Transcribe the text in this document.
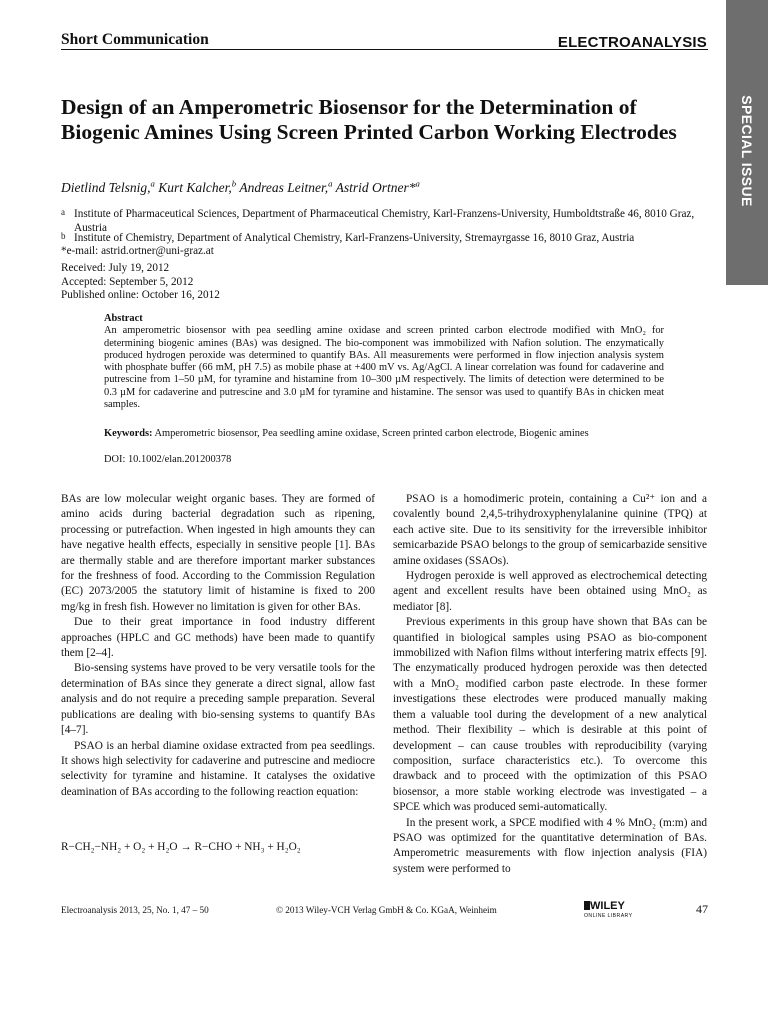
Short Communication	ELECTROANALYSIS
SPECIAL ISSUE
Design of an Amperometric Biosensor for the Determination of Biogenic Amines Using Screen Printed Carbon Working Electrodes
Dietlind Telsnig,$^a$ Kurt Kalcher,$^b$ Andreas Leitner,$^a$ Astrid Ortner*$^a$
a Institute of Pharmaceutical Sciences, Department of Pharmaceutical Chemistry, Karl-Franzens-University, Humboldtstraße 46, 8010 Graz, Austria
b Institute of Chemistry, Department of Analytical Chemistry, Karl-Franzens-University, Stremayrgasse 16, 8010 Graz, Austria
*e-mail: astrid.ortner@uni-graz.at
Received: July 19, 2012
Accepted: September 5, 2012
Published online: October 16, 2012
Abstract
An amperometric biosensor with pea seedling amine oxidase and screen printed carbon electrode modified with MnO₂ for determining biogenic amines (BAs) was designed. The bio-component was immobilized with Nafion solution. The enzymatically produced hydrogen peroxide was determined to quantify BAs. All measurements were performed in flow injection analysis system with phosphate buffer (66 mM, pH 7.5) as mobile phase at +400 mV vs. Ag/AgCl. A linear correlation was found for cadaverine and putrescine from 1–50 µM, for tyramine and histamine from 10–300 µM respectively. The limits of detection were determined to be 0.3 µM for cadaverine and putrescine and 3.0 µM for tyramine and histamine. The sensor was used to quantify BAs in chicken meat samples.
Keywords: Amperometric biosensor, Pea seedling amine oxidase, Screen printed carbon electrode, Biogenic amines
DOI: 10.1002/elan.201200378

BAs are low molecular weight organic bases. They are formed of amino acids during bacterial degradation such as ripening, processing or putrefaction. When ingested in high amounts they can have negative health effects, especially in sensitive people [1]. BAs are thermally stable and are therefore important marker substances for the freshness of food. According to the Commission Regulation (EC) 2073/2005 the statutory limit of histamine is fixed to 200 mg/kg in fresh fish. However no limitation is given for other BAs.

Due to their great importance in food industry different approaches (HPLC and GC methods) have been made to quantify them [2–4].

Bio-sensing systems have proved to be very versatile tools for the determination of BAs since they generate a direct signal, allow fast analysis and do not require a preceding sample preparation. Several publications are dealing with bio-sensing systems to quantify BAs [4–7].

PSAO is an herbal diamine oxidase extracted from pea seedlings. It shows high selectivity for cadaverine and putrescine and mediocre selectivity for tyramine and histamine. It catalyses the oxidative deamination of BAs according to the following reaction equation:

R−CH₂−NH₂ + O₂ + H₂O → R−CHO + NH₃ + H₂O₂

PSAO is a homodimeric protein, containing a Cu²⁺ ion and a covalently bound 2,4,5-trihydroxyphenylalanine quinine (TPQ) at each active site. Due to its sensitivity for the irreversible inhibitor semicarbazide PSAO belongs to the group of semicarbazide sensitive amine oxidases (SSAOs).

Hydrogen peroxide is well approved as electrochemical detecting agent and excellent results have been obtained using MnO₂ as mediator [8].

Previous experiments in this group have shown that BAs can be quantified in biological samples using PSAO as bio-component immobilized with Nafion films without interfering matrix effects [9]. The enzymatically produced hydrogen peroxide was then detected with a MnO₂ modified carbon paste electrode. In these former investigations these electrodes were produced manually making them a valuable tool during the development of a new analytical method. Their flexibility – which is desirable at this point of development – can cause troubles with reproducibility (varying composition, surface characteristics etc.). To overcome this drawback and to proceed with the optimization of this PSAO biosensor, a more stable working electrode was investigated – a SPCE which was produced semi-automatically.

In the present work, a SPCE modified with 4 % MnO₂ (m:m) and PSAO was optimized for the quantitative determination of BAs. Amperometric measurements with flow injection analysis (FIA) system were performed to

Electroanalysis 2013, 25, No. 1, 47 – 50	© 2013 Wiley-VCH Verlag GmbH & Co. KGaA, Weinheim	WILEY
ONLINE LIBRARY	47
